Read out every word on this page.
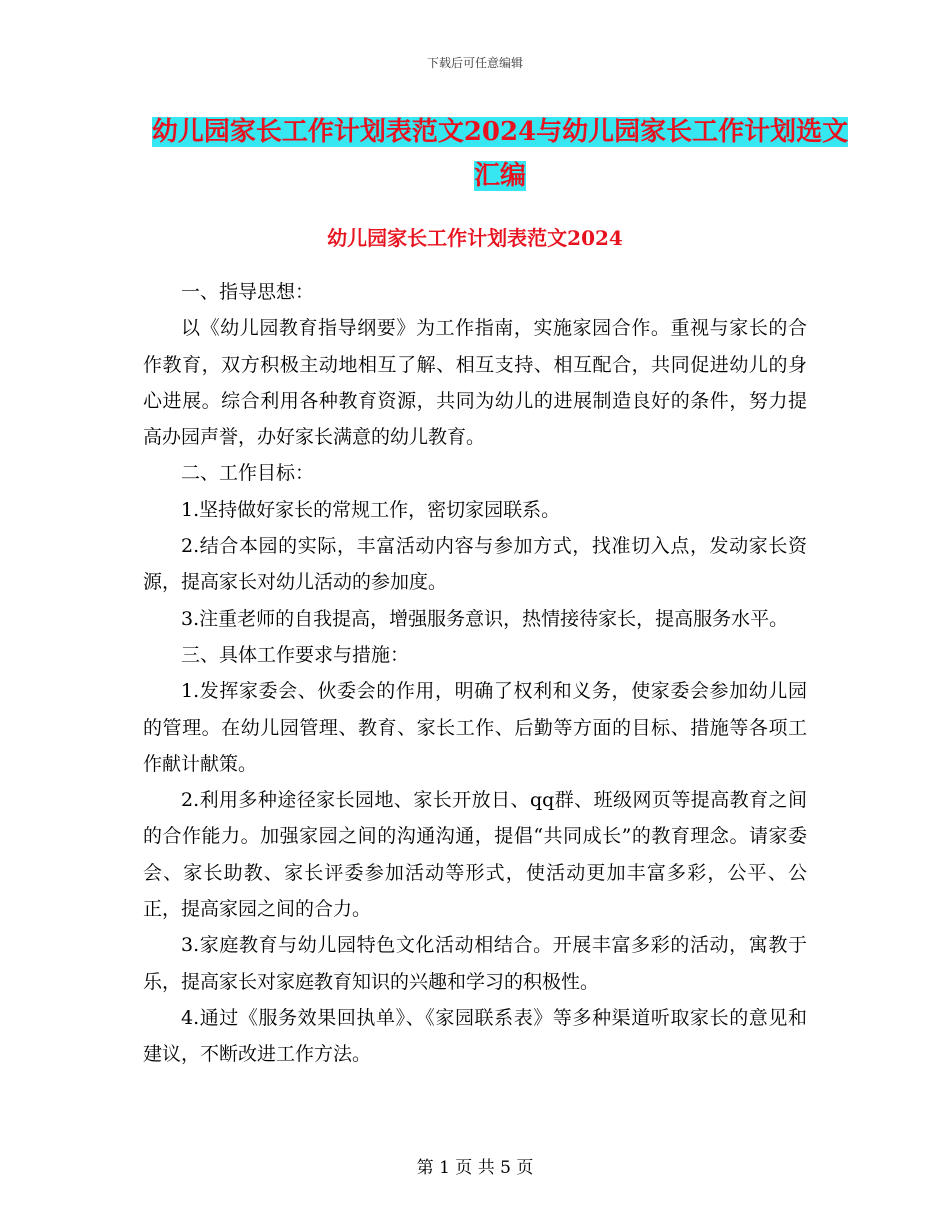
下载后可任意编辑
幼儿园家长工作计划表范文2024与幼儿园家长工作计划选文汇编
幼儿园家长工作计划表范文2024

一、指导思想：

以《幼儿园教育指导纲要》为工作指南，实施家园合作。重视与家长的合作教育，双方积极主动地相互了解、相互支持、相互配合，共同促进幼儿的身心进展。综合利用各种教育资源，共同为幼儿的进展制造良好的条件，努力提高办园声誉，办好家长满意的幼儿教育。

二、工作目标：

1.坚持做好家长的常规工作，密切家园联系。

2.结合本园的实际，丰富活动内容与参加方式，找准切入点，发动家长资源，提高家长对幼儿活动的参加度。

3.注重老师的自我提高，增强服务意识，热情接待家长，提高服务水平。

三、具体工作要求与措施：

1.发挥家委会、伙委会的作用，明确了权利和义务，使家委会参加幼儿园的管理。在幼儿园管理、教育、家长工作、后勤等方面的目标、措施等各项工作献计献策。

2.利用多种途径家长园地、家长开放日、qq群、班级网页等提高教育之间的合作能力。加强家园之间的沟通沟通，提倡“共同成长”的教育理念。请家委会、家长助教、家长评委参加活动等形式，使活动更加丰富多彩，公平、公正，提高家园之间的合力。

3.家庭教育与幼儿园特色文化活动相结合。开展丰富多彩的活动，寓教于乐，提高家长对家庭教育知识的兴趣和学习的积极性。

4.通过《服务效果回执单》、《家园联系表》等多种渠道听取家长的意见和建议，不断改进工作方法。

第 1 页 共 5 页
